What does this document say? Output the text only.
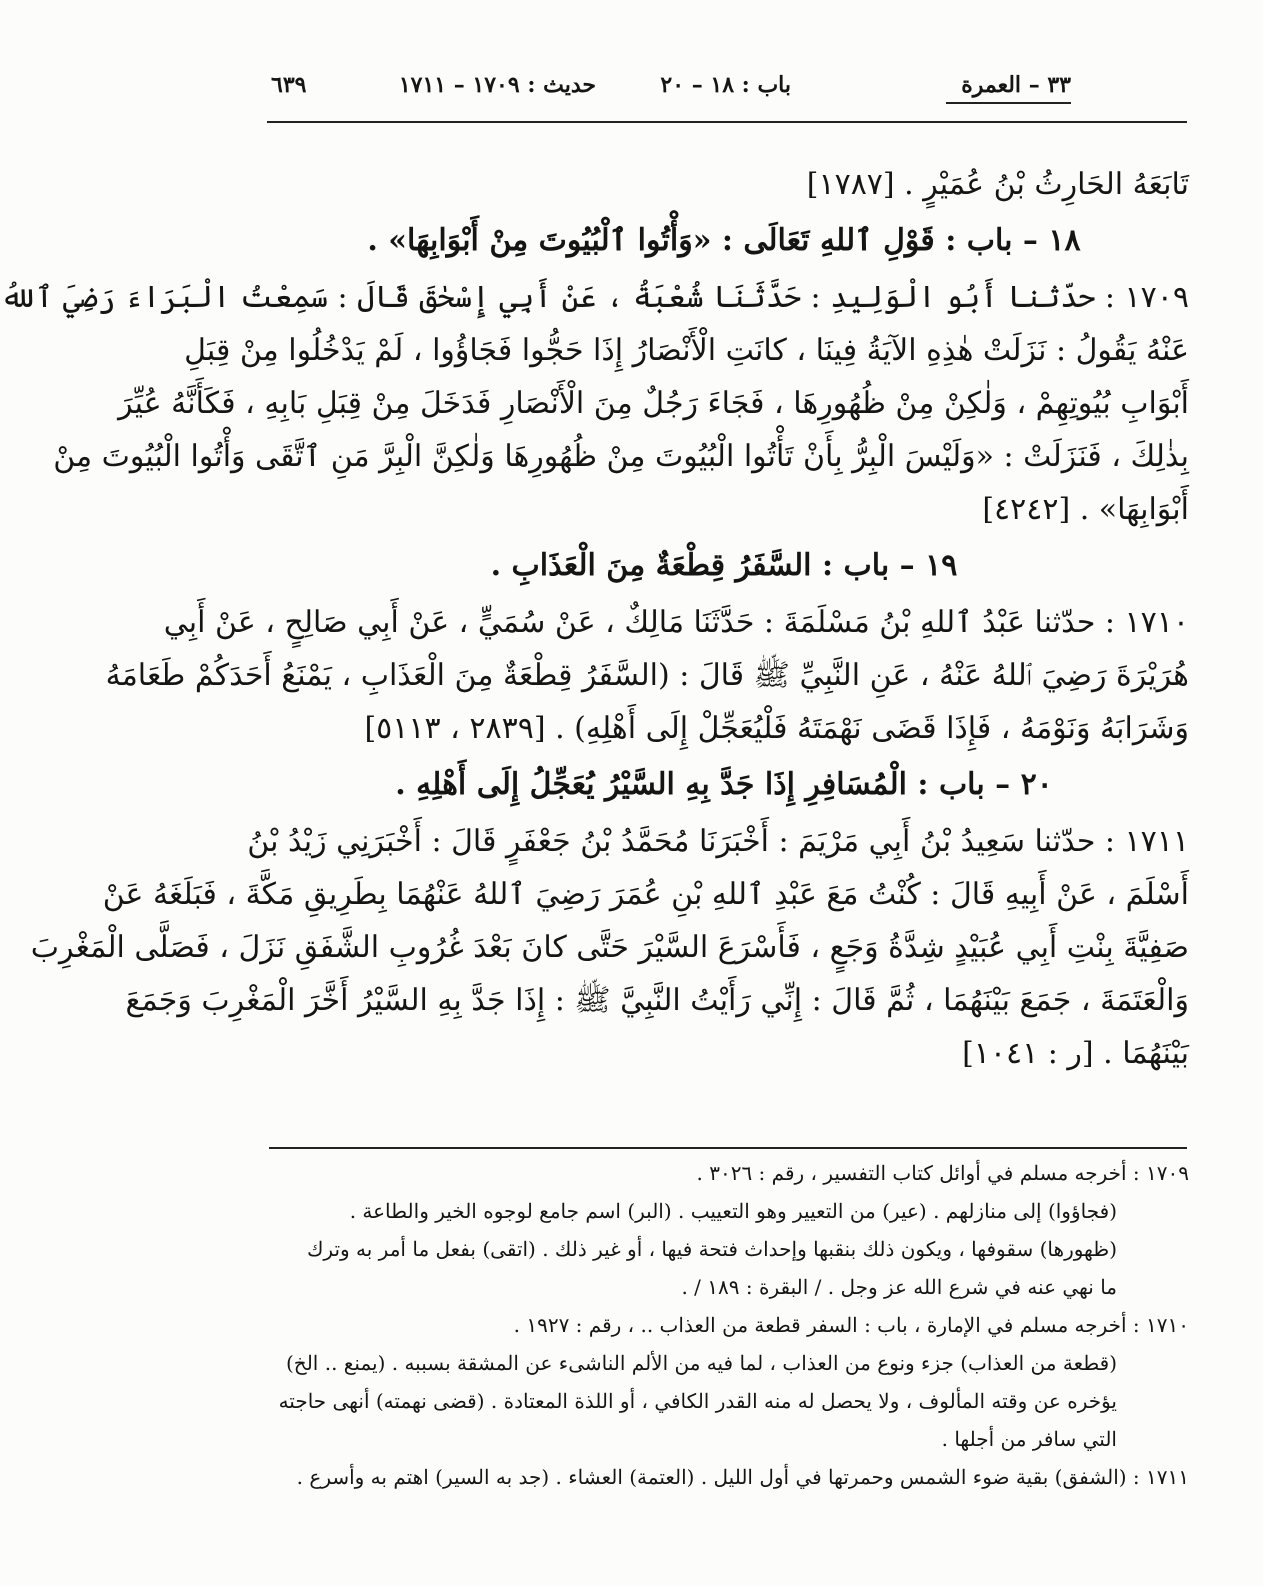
٣٣ – العمرة
باب : ١٨ – ٢٠
حديث : ١٧٠٩ – ١٧١١
٦٣٩
تَابَعَهُ الحَارِثُ بْنُ عُمَيْرٍ . [١٧٨٧]
١٨ – باب : قَوْلِ ٱللهِ تَعَالَى : «وَأْتُوا ٱلْبُيُوتَ مِنْ أَبْوَابِهَا» .
١٧٠٩ : حدّثنا أَبُو الْوَلِيدِ : حَدَّثَنَا شُعْبَةُ ، عَنْ أَبِي إِسْحٰقَ قَالَ : سَمِعْتُ الْبَرَاءَ رَضِيَ ٱللهُ
عَنْهُ يَقُولُ : نَزَلَتْ هٰذِهِ الآيَةُ فِينَا ، كانَتِ الْأَنْصَارُ إِذَا حَجُّوا فَجَاؤُوا ، لَمْ يَدْخُلُوا مِنْ قِبَلِ
أَبْوَابِ بُيُوتِهِمْ ، وَلٰكِنْ مِنْ ظُهُورِهَا ، فَجَاءَ رَجُلٌ مِنَ الْأَنْصَارِ فَدَخَلَ مِنْ قِبَلِ بَابِهِ ، فَكَأَنَّهُ عُيِّرَ
بِذٰلِكَ ، فَنَزَلَتْ : «وَلَيْسَ الْبِرُّ بِأَنْ تَأْتُوا الْبُيُوتَ مِنْ ظُهُورِهَا وَلٰكِنَّ الْبِرَّ مَنِ ٱتَّقَى وَأْتُوا الْبُيُوتَ مِنْ
أَبْوَابِهَا» . [٤٢٤٢]
١٩ – باب : السَّفَرُ قِطْعَةٌ مِنَ الْعَذَابِ .
١٧١٠ : حدّثنا عَبْدُ ٱللهِ بْنُ مَسْلَمَةَ : حَدَّثَنَا مَالِكٌ ، عَنْ سُمَيٍّ ، عَنْ أَبِي صَالِحٍ ، عَنْ أَبِي
هُرَيْرَةَ رَضِيَ ٱللهُ عَنْهُ ، عَنِ النَّبِيِّ ﷺ قَالَ : (السَّفَرُ قِطْعَةٌ مِنَ الْعَذَابِ ، يَمْنَعُ أَحَدَكُمْ طَعَامَهُ
وَشَرَابَهُ وَنَوْمَهُ ، فَإِذَا قَضَى نَهْمَتَهُ فَلْيُعَجِّلْ إِلَى أَهْلِهِ) . [٢٨٣٩ ، ٥١١٣]
٢٠ – باب : الْمُسَافِرِ إِذَا جَدَّ بِهِ السَّيْرُ يُعَجِّلُ إِلَى أَهْلِهِ .
١٧١١ : حدّثنا سَعِيدُ بْنُ أَبِي مَرْيَمَ : أَخْبَرَنَا مُحَمَّدُ بْنُ جَعْفَرٍ قَالَ : أَخْبَرَنِي زَيْدُ بْنُ
أَسْلَمَ ، عَنْ أَبِيهِ قَالَ : كُنْتُ مَعَ عَبْدِ ٱللهِ بْنِ عُمَرَ رَضِيَ ٱللهُ عَنْهُمَا بِطَرِيقِ مَكَّةَ ، فَبَلَغَهُ عَنْ
صَفِيَّةَ بِنْتِ أَبِي عُبَيْدٍ شِدَّةُ وَجَعٍ ، فَأَسْرَعَ السَّيْرَ حَتَّى كانَ بَعْدَ غُرُوبِ الشَّفَقِ نَزَلَ ، فَصَلَّى الْمَغْرِبَ
وَالْعَتَمَةَ ، جَمَعَ بَيْنَهُمَا ، ثُمَّ قَالَ : إِنِّي رَأَيْتُ النَّبِيَّ ﷺ : إِذَا جَدَّ بِهِ السَّيْرُ أَخَّرَ الْمَغْرِبَ وَجَمَعَ
بَيْنَهُمَا . [ر : ١٠٤١]
١٧٠٩ : أخرجه مسلم في أوائل كتاب التفسير ، رقم : ٣٠٢٦ .
(فجاؤوا) إلى منازلهم . (عير) من التعيير وهو التعييب . (البر) اسم جامع لوجوه الخير والطاعة .
(ظهورها) سقوفها ، ويكون ذلك بنقبها وإحداث فتحة فيها ، أو غير ذلك . (اتقى) بفعل ما أمر به وترك
ما نهي عنه في شرع الله عز وجل . / البقرة : ١٨٩ / .
١٧١٠ : أخرجه مسلم في الإمارة ، باب : السفر قطعة من العذاب .. ، رقم : ١٩٢٧ .
(قطعة من العذاب) جزء ونوع من العذاب ، لما فيه من الألم الناشىء عن المشقة بسببه . (يمنع .. الخ)
يؤخره عن وقته المألوف ، ولا يحصل له منه القدر الكافي ، أو اللذة المعتادة . (قضى نهمته) أنهى حاجته
التي سافر من أجلها .
١٧١١ : (الشفق) بقية ضوء الشمس وحمرتها في أول الليل . (العتمة) العشاء . (جد به السير) اهتم به وأسرع .
